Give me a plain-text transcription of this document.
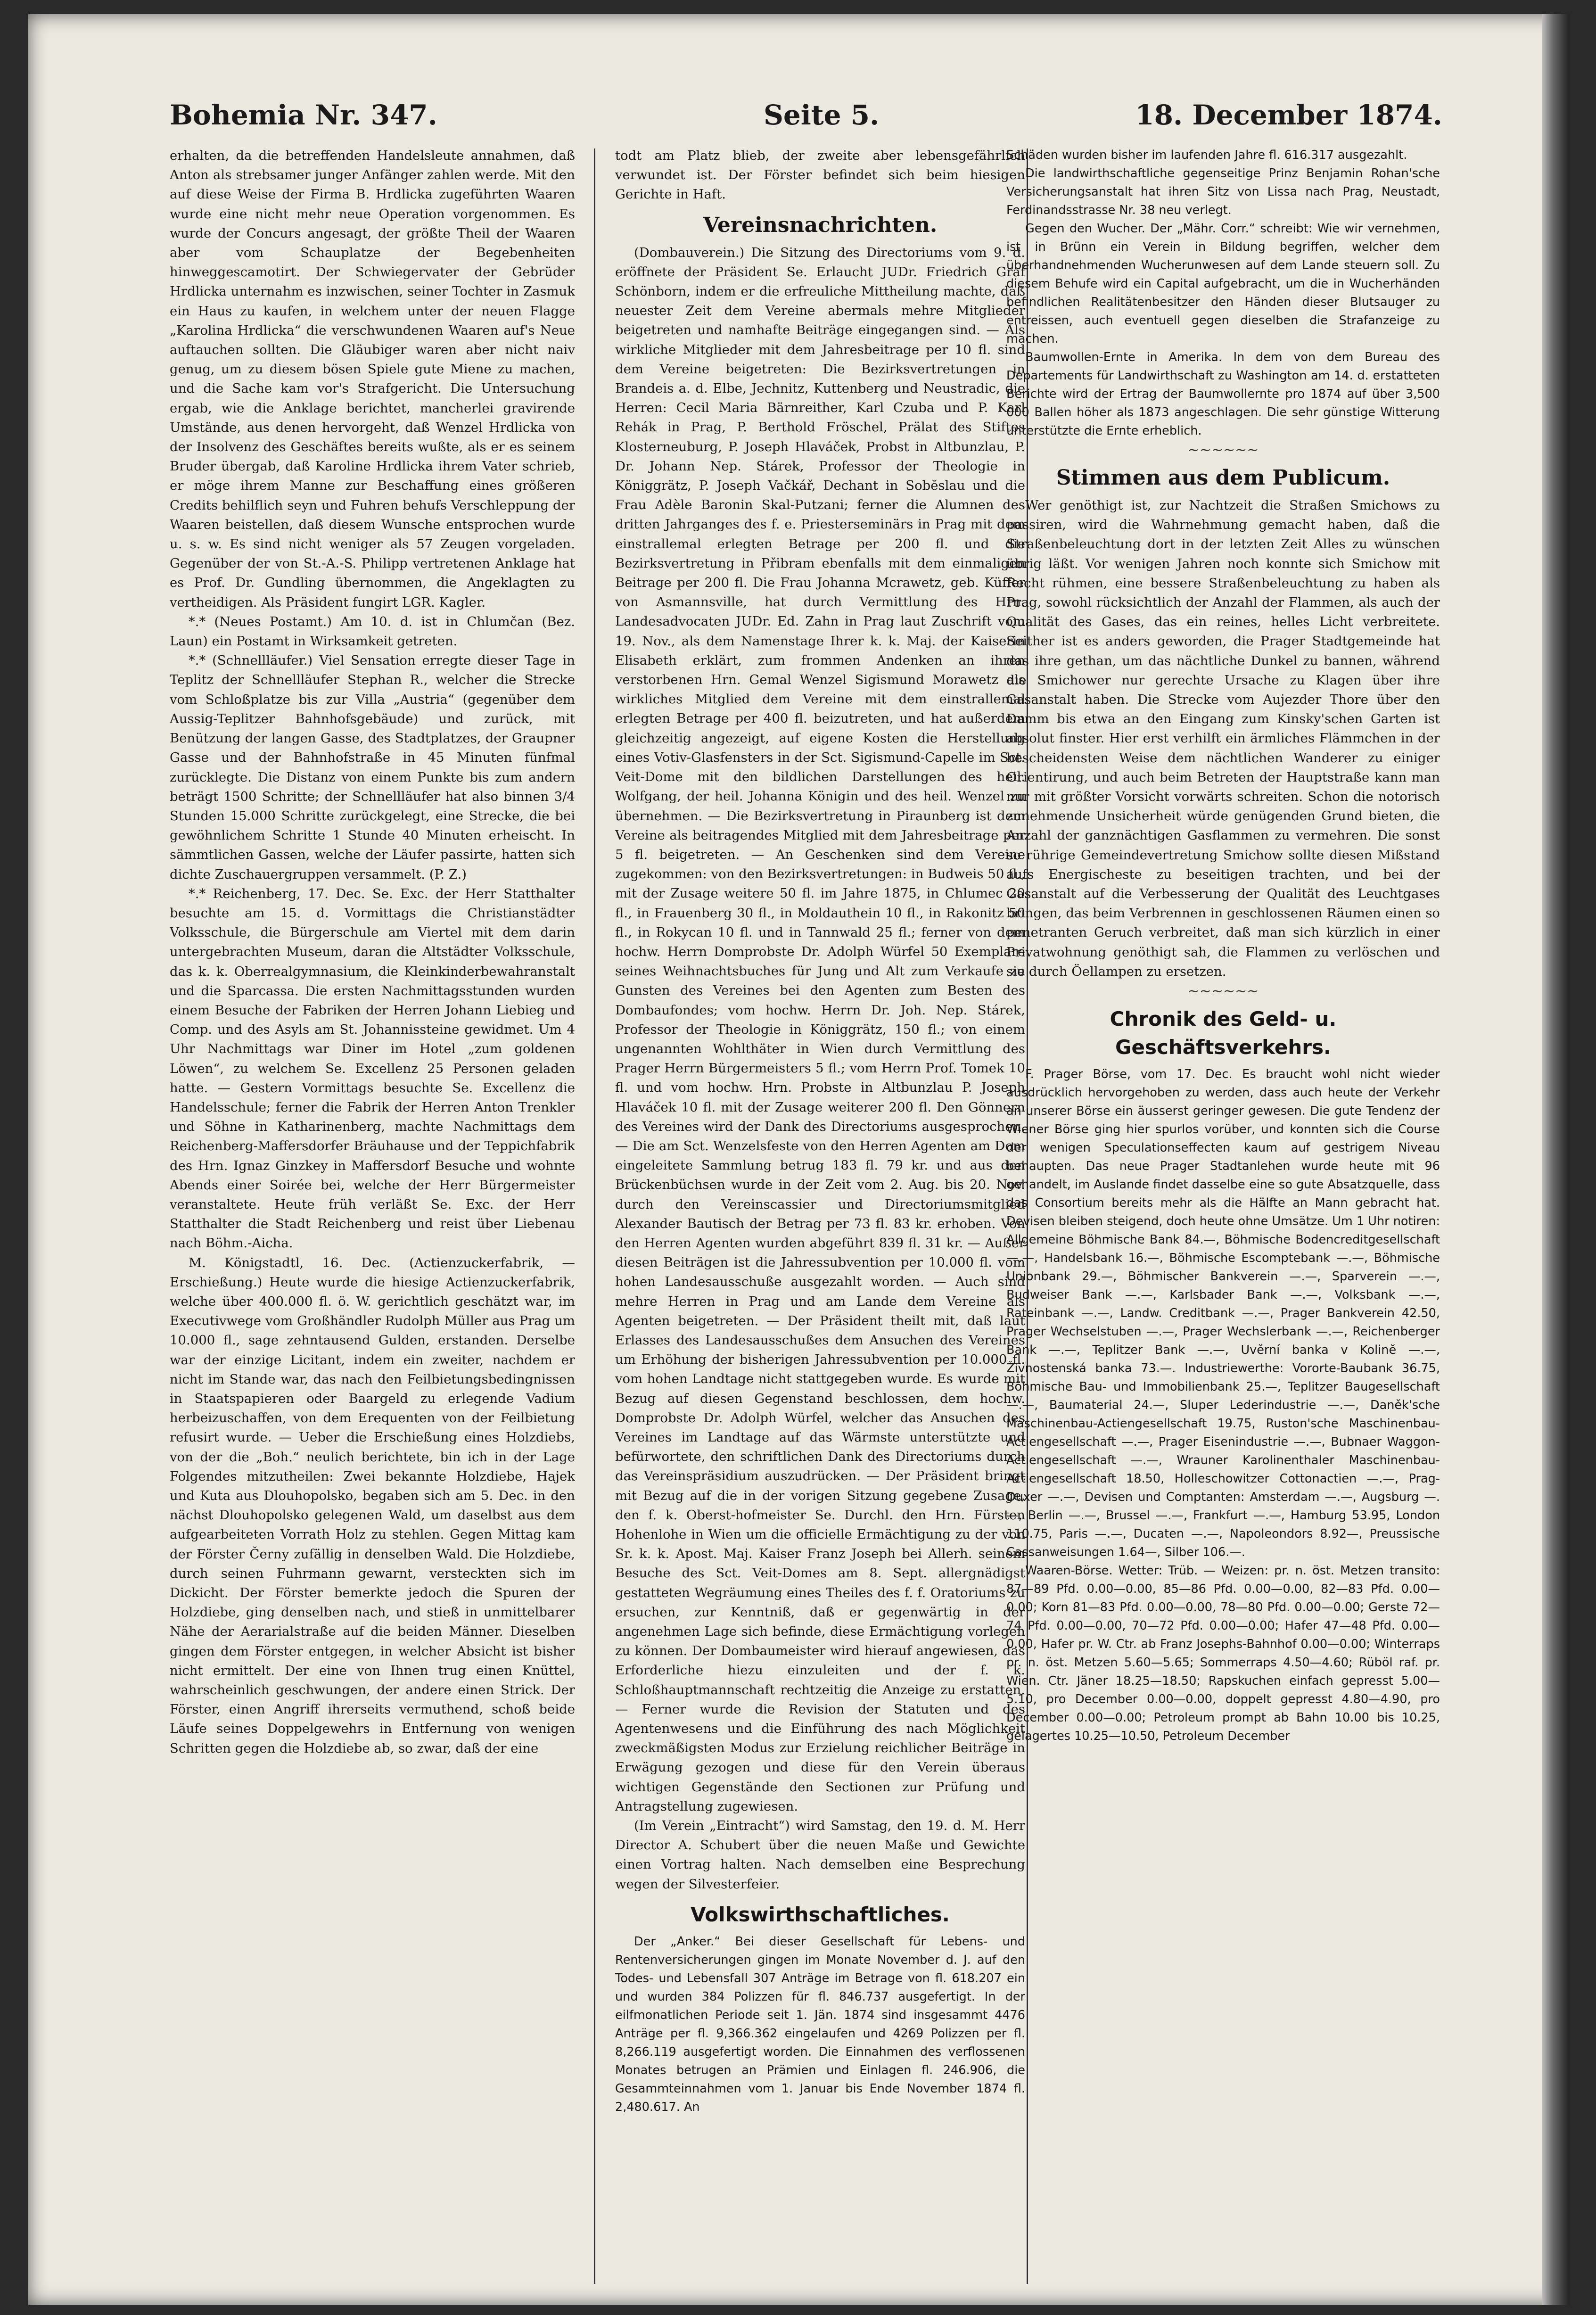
Bohemia Nr. 347.	Seite 5.	18. December 1874.

erhalten, da die betreffenden Handelsleute annahmen, daß Anton als strebsamer junger Anfänger zahlen werde. Mit den auf diese Weise der Firma B. Hrdlicka zugeführten Waaren wurde eine nicht mehr neue Operation vorgenommen. Es wurde der Concurs angesagt, der größte Theil der Waaren aber vom Schauplatze der Begebenheiten hinweggescamotirt. Der Schwiegervater der Gebrüder Hrdlicka unternahm es inzwischen, seiner Tochter in Zasmuk ein Haus zu kaufen, in welchem unter der neuen Flagge „Karolina Hrdlicka“ die verschwundenen Waaren auf's Neue auftauchen sollten. Die Gläubiger waren aber nicht naiv genug, um zu diesem bösen Spiele gute Miene zu machen, und die Sache kam vor's Strafgericht. Die Untersuchung ergab, wie die Anklage berichtet, mancherlei gravirende Umstände, aus denen hervorgeht, daß Wenzel Hrdlicka von der Insolvenz des Geschäftes bereits wußte, als er es seinem Bruder übergab, daß Karoline Hrdlicka ihrem Vater schrieb, er möge ihrem Manne zur Beschaffung eines größeren Credits behilflich seyn und Fuhren behufs Verschleppung der Waaren beistellen, daß diesem Wunsche entsprochen wurde u. s. w. Es sind nicht weniger als 57 Zeugen vorgeladen. Gegenüber der von St.-A.-S. Philipp vertretenen Anklage hat es Prof. Dr. Gundling übernommen, die Angeklagten zu vertheidigen. Als Präsident fungirt LGR. Kagler.

*.* (Neues Postamt.) Am 10. d. ist in Chlumčan (Bez. Laun) ein Postamt in Wirksamkeit getreten.

*.* (Schnellläufer.) Viel Sensation erregte dieser Tage in Teplitz der Schnellläufer Stephan R., welcher die Strecke vom Schloßplatze bis zur Villa „Austria“ (gegenüber dem Aussig-Teplitzer Bahnhofsgebäude) und zurück, mit Benützung der langen Gasse, des Stadtplatzes, der Graupner Gasse und der Bahnhofstraße in 45 Minuten fünfmal zurücklegte. Die Distanz von einem Punkte bis zum andern beträgt 1500 Schritte; der Schnellläufer hat also binnen 3/4 Stunden 15.000 Schritte zurückgelegt, eine Strecke, die bei gewöhnlichem Schritte 1 Stunde 40 Minuten erheischt. In sämmtlichen Gassen, welche der Läufer passirte, hatten sich dichte Zuschauergruppen versammelt. (P. Z.)

*.* Reichenberg, 17. Dec. Se. Exc. der Herr Statthalter besuchte am 15. d. Vormittags die Christianstädter Volksschule, die Bürgerschule am Viertel mit dem darin untergebrachten Museum, daran die Altstädter Volksschule, das k. k. Oberrealgymnasium, die Kleinkinderbewahranstalt und die Sparcassa. Die ersten Nachmittagsstunden wurden einem Besuche der Fabriken der Herren Johann Liebieg und Comp. und des Asyls am St. Johannissteine gewidmet. Um 4 Uhr Nachmittags war Diner im Hotel „zum goldenen Löwen“, zu welchem Se. Excellenz 25 Personen geladen hatte. — Gestern Vormittags besuchte Se. Excellenz die Handelsschule; ferner die Fabrik der Herren Anton Trenkler und Söhne in Katharinenberg, machte Nachmittags dem Reichenberg-Maffersdorfer Bräuhause und der Teppichfabrik des Hrn. Ignaz Ginzkey in Maffersdorf Besuche und wohnte Abends einer Soirée bei, welche der Herr Bürgermeister veranstaltete. Heute früh verläßt Se. Exc. der Herr Statthalter die Stadt Reichenberg und reist über Liebenau nach Böhm.-Aicha.

M. Königstadtl, 16. Dec. (Actienzuckerfabrik, — Erschießung.) Heute wurde die hiesige Actienzuckerfabrik, welche über 400.000 fl. ö. W. gerichtlich geschätzt war, im Executivwege vom Großhändler Rudolph Müller aus Prag um 10.000 fl., sage zehntausend Gulden, erstanden. Derselbe war der einzige Licitant, indem ein zweiter, nachdem er nicht im Stande war, das nach den Feilbietungsbedingnissen in Staatspapieren oder Baargeld zu erlegende Vadium herbeizuschaffen, von dem Erequenten von der Feilbietung refusirt wurde. — Ueber die Erschießung eines Holzdiebs, von der die „Boh.“ neulich berichtete, bin ich in der Lage Folgendes mitzutheilen: Zwei bekannte Holzdiebe, Hajek und Kuta aus Dlouhopolsko, begaben sich am 5. Dec. in den nächst Dlouhopolsko gelegenen Wald, um daselbst aus dem aufgearbeiteten Vorrath Holz zu stehlen. Gegen Mittag kam der Förster Černy zufällig in denselben Wald. Die Holzdiebe, durch seinen Fuhrmann gewarnt, versteckten sich im Dickicht. Der Förster bemerkte jedoch die Spuren der Holzdiebe, ging denselben nach, und stieß in unmittelbarer Nähe der Aerarialstraße auf die beiden Männer. Dieselben gingen dem Förster entgegen, in welcher Absicht ist bisher nicht ermittelt. Der eine von Ihnen trug einen Knüttel, wahrscheinlich geschwungen, der andere einen Strick. Der Förster, einen Angriff ihrerseits vermuthend, schoß beide Läufe seines Doppelgewehrs in Entfernung von wenigen Schritten gegen die Holzdiebe ab, so zwar, daß der eine

todt am Platz blieb, der zweite aber lebensgefährlich verwundet ist. Der Förster befindet sich beim hiesigen Gerichte in Haft.

Vereinsnachrichten.

(Dombauverein.) Die Sitzung des Directoriums vom 9. d. eröffnete der Präsident Se. Erlaucht JUDr. Friedrich Graf Schönborn, indem er die erfreuliche Mittheilung machte, daß neuester Zeit dem Vereine abermals mehre Mitglieder beigetreten und namhafte Beiträge eingegangen sind. — Als wirkliche Mitglieder mit dem Jahresbeitrage per 10 fl. sind dem Vereine beigetreten: Die Bezirksvertretungen in Brandeis a. d. Elbe, Jechnitz, Kuttenberg und Neustradic, die Herren: Cecil Maria Bärnreither, Karl Czuba und P. Karl Rehák in Prag, P. Berthold Fröschel, Prälat des Stiftes Klosterneuburg, P. Joseph Hlaváček, Probst in Altbunzlau, P. Dr. Johann Nep. Stárek, Professor der Theologie in Königgrätz, P. Joseph Vačkář, Dechant in Sobĕslau und die Frau Adèle Baronin Skal-Putzani; ferner die Alumnen des dritten Jahrganges des f. e. Priesterseminärs in Prag mit dem einstrallemal erlegten Betrage per 200 fl. und die Bezirksvertretung in Přibram ebenfalls mit dem einmaligen Beitrage per 200 fl. Die Frau Johanna Mcrawetz, geb. Küffer von Asmannsville, hat durch Vermittlung des Hrn. Landesadvocaten JUDr. Ed. Zahn in Prag laut Zuschrift vom 19. Nov., als dem Namenstage Ihrer k. k. Maj. der Kaiserin Elisabeth erklärt, zum frommen Andenken an ihren verstorbenen Hrn. Gemal Wenzel Sigismund Morawetz als wirkliches Mitglied dem Vereine mit dem einstrallemal erlegten Betrage per 400 fl. beizutreten, und hat außerdem gleichzeitig angezeigt, auf eigene Kosten die Herstellung eines Votiv-Glasfensters in der Sct. Sigismund-Capelle im Sct. Veit-Dome mit den bildlichen Darstellungen des heil. Wolfgang, der heil. Johanna Königin und des heil. Wenzel zu übernehmen. — Die Bezirksvertretung in Piraunberg ist dem Vereine als beitragendes Mitglied mit dem Jahresbeitrage per 5 fl. beigetreten. — An Geschenken sind dem Vereine zugekommen: von den Bezirksvertretungen: in Budweis 50 fl., mit der Zusage weitere 50 fl. im Jahre 1875, in Chlumec 20 fl., in Frauenberg 30 fl., in Moldauthein 10 fl., in Rakonitz 50 fl., in Rokycan 10 fl. und in Tannwald 25 fl.; ferner von dem hochw. Herrn Domprobste Dr. Adolph Würfel 50 Exemplare seines Weihnachtsbuches für Jung und Alt zum Verkaufe zu Gunsten des Vereines bei den Agenten zum Besten des Dombaufondes; vom hochw. Herrn Dr. Joh. Nep. Stárek, Professor der Theologie in Königgrätz, 150 fl.; von einem ungenannten Wohlthäter in Wien durch Vermittlung des Prager Herrn Bürgermeisters 5 fl.; vom Herrn Prof. Tomek 10 fl. und vom hochw. Hrn. Probste in Altbunzlau P. Joseph Hlaváček 10 fl. mit der Zusage weiterer 200 fl. Den Gönnern des Vereines wird der Dank des Directoriums ausgesprochen. — Die am Sct. Wenzelsfeste von den Herren Agenten am Dom eingeleitete Sammlung betrug 183 fl. 79 kr. und aus den Brückenbüchsen wurde in der Zeit vom 2. Aug. bis 20. Nov. durch den Vereinscassier und Directoriumsmitglied Alexander Bautisch der Betrag per 73 fl. 83 kr. erhoben. Von den Herren Agenten wurden abgeführt 839 fl. 31 kr. — Außer diesen Beiträgen ist die Jahressubvention per 10.000 fl. vom hohen Landesausschuße ausgezahlt worden. — Auch sind mehre Herren in Prag und am Lande dem Vereine als Agenten beigetreten. — Der Präsident theilt mit, daß laut Erlasses des Landesausschußes dem Ansuchen des Vereines um Erhöhung der bisherigen Jahressubvention per 10.000 fl. vom hohen Landtage nicht stattgegeben wurde. Es wurde mit Bezug auf diesen Gegenstand beschlossen, dem hochw. Domprobste Dr. Adolph Würfel, welcher das Ansuchen des Vereines im Landtage auf das Wärmste unterstützte und befürwortete, den schriftlichen Dank des Directoriums durch das Vereinspräsidium auszudrücken. — Der Präsident bringt mit Bezug auf die in der vorigen Sitzung gegebene Zusage, den f. k. Oberst-hofmeister Se. Durchl. den Hrn. Fürsten Hohenlohe in Wien um die officielle Ermächtigung zu der von Sr. k. k. Apost. Maj. Kaiser Franz Joseph bei Allerh. seinem Besuche des Sct. Veit-Domes am 8. Sept. allergnädigst gestatteten Wegräumung eines Theiles des f. f. Oratoriums zu ersuchen, zur Kenntniß, daß er gegenwärtig in der angenehmen Lage sich befinde, diese Ermächtigung vorlegen zu können. Der Dombaumeister wird hierauf angewiesen, das Erforderliche hiezu einzuleiten und der f. k. Schloßhauptmannschaft rechtzeitig die Anzeige zu erstatten. — Ferner wurde die Revision der Statuten und des Agentenwesens und die Einführung des nach Möglichkeit zweckmäßigsten Modus zur Erzielung reichlicher Beiträge in Erwägung gezogen und diese für den Verein überaus wichtigen Gegenstände den Sectionen zur Prüfung und Antragstellung zugewiesen.

(Im Verein „Eintracht“) wird Samstag, den 19. d. M. Herr Director A. Schubert über die neuen Maße und Gewichte einen Vortrag halten. Nach demselben eine Besprechung wegen der Silvesterfeier.

Volkswirthschaftliches.

Der „Anker.“ Bei dieser Gesellschaft für Lebens- und Rentenversicherungen gingen im Monate November d. J. auf den Todes- und Lebensfall 307 Anträge im Betrage von fl. 618.207 ein und wurden 384 Polizzen für fl. 846.737 ausgefertigt. In der eilfmonatlichen Periode seit 1. Jän. 1874 sind insgesammt 4476 Anträge per fl. 9,366.362 eingelaufen und 4269 Polizzen per fl. 8,266.119 ausgefertigt worden. Die Einnahmen des verflossenen Monates betrugen an Prämien und Einlagen fl. 246.906, die Gesammteinnahmen vom 1. Januar bis Ende November 1874 fl. 2,480.617. An

Schäden wurden bisher im laufenden Jahre fl. 616.317 ausgezahlt.

Die landwirthschaftliche gegenseitige Prinz Benjamin Rohan'sche Versicherungsanstalt hat ihren Sitz von Lissa nach Prag, Neustadt, Ferdinandsstrasse Nr. 38 neu verlegt.

Gegen den Wucher. Der „Mähr. Corr.“ schreibt: Wie wir vernehmen, ist in Brünn ein Verein in Bildung begriffen, welcher dem überhandnehmenden Wucherunwesen auf dem Lande steuern soll. Zu diesem Behufe wird ein Capital aufgebracht, um die in Wucherhänden befindlichen Realitätenbesitzer den Händen dieser Blutsauger zu entreissen, auch eventuell gegen dieselben die Strafanzeige zu machen.

Baumwollen-Ernte in Amerika. In dem von dem Bureau des Departements für Landwirthschaft zu Washington am 14. d. erstatteten Berichte wird der Ertrag der Baumwollernte pro 1874 auf über 3,500 000 Ballen höher als 1873 angeschlagen. Die sehr günstige Witterung unterstützte die Ernte erheblich.

~~~~~~
Stimmen aus dem Publicum.

Wer genöthigt ist, zur Nachtzeit die Straßen Smichows zu passiren, wird die Wahrnehmung gemacht haben, daß die Straßenbeleuchtung dort in der letzten Zeit Alles zu wünschen übrig läßt. Vor wenigen Jahren noch konnte sich Smichow mit Recht rühmen, eine bessere Straßenbeleuchtung zu haben als Prag, sowohl rücksichtlich der Anzahl der Flammen, als auch der Qualität des Gases, das ein reines, helles Licht verbreitete. Seither ist es anders geworden, die Prager Stadtgemeinde hat das ihre gethan, um das nächtliche Dunkel zu bannen, während die Smichower nur gerechte Ursache zu Klagen über ihre Gasanstalt haben. Die Strecke vom Aujezder Thore über den Damm bis etwa an den Eingang zum Kinsky'schen Garten ist absolut finster. Hier erst verhilft ein ärmliches Flämmchen in der bescheidensten Weise dem nächtlichen Wanderer zu einiger Orientirung, und auch beim Betreten der Hauptstraße kann man nur mit größter Vorsicht vorwärts schreiten. Schon die notorisch zunehmende Unsicherheit würde genügenden Grund bieten, die Anzahl der ganznächtigen Gasflammen zu vermehren. Die sonst so rührige Gemeindevertretung Smichow sollte diesen Mißstand aufs Energischeste zu beseitigen trachten, und bei der Gasanstalt auf die Verbesserung der Qualität des Leuchtgases bringen, das beim Verbrennen in geschlossenen Räumen einen so penetranten Geruch verbreitet, daß man sich kürzlich in einer Privatwohnung genöthigt sah, die Flammen zu verlöschen und sie durch Öellampen zu ersetzen.

~~~~~~
Chronik des Geld- u. Geschäftsverkehrs.

F. Prager Börse, vom 17. Dec. Es braucht wohl nicht wieder ausdrücklich hervorgehoben zu werden, dass auch heute der Verkehr an unserer Börse ein äusserst geringer gewesen. Die gute Tendenz der Wiener Börse ging hier spurlos vorüber, und konnten sich die Course der wenigen Speculationseffecten kaum auf gestrigem Niveau behaupten. Das neue Prager Stadtanlehen wurde heute mit 96 gehandelt, im Auslande findet dasselbe eine so gute Absatzquelle, dass das Consortium bereits mehr als die Hälfte an Mann gebracht hat. Devisen bleiben steigend, doch heute ohne Umsätze. Um 1 Uhr notiren: Allgemeine Böhmische Bank 84.—, Böhmische Bodencreditgesellschaft —.—, Handelsbank 16.—, Böhmische Escomptebank —.—, Böhmische Unionbank 29.—, Böhmischer Bankverein —.—, Sparverein —.—, Budweiser Bank —.—, Karlsbader Bank —.—, Volksbank —.—, Rateinbank —.—, Landw. Creditbank —.—, Prager Bankverein 42.50, Prager Wechselstuben —.—, Prager Wechslerbank —.—, Reichenberger Bank —.—, Teplitzer Bank —.—, Uvěrní banka v Kolinĕ —.—, Živnostenská banka 73.—. Industriewerthe: Vororte-Baubank 36.75, Böhmische Bau- und Immobilienbank 25.—, Teplitzer Baugesellschaft —.—, Baumaterial 24.—, Sluper Lederindustrie —.—, Daněk'sche Maschinenbau-Actiengesellschaft 19.75, Ruston'sche Maschinenbau-Actiengesellschaft —.—, Prager Eisenindustrie —.—, Bubnaer Waggon-Actiengesellschaft —.—, Wrauner Karolinenthaler Maschinenbau-Actiengesellschaft 18.50, Holleschowitzer Cottonactien —.—, Prag-Duxer —.—, Devisen und Comptanten: Amsterdam —.—, Augsburg —.—, Berlin —.—, Brussel —.—, Frankfurt —.—, Hamburg 53.95, London 110.75, Paris —.—, Ducaten —.—, Napoleondors 8.92—, Preussische Cassanweisungen 1.64—, Silber 106.—.

Waaren-Börse. Wetter: Trüb. — Weizen: pr. n. öst. Metzen transito: 87—89 Pfd. 0.00—0.00, 85—86 Pfd. 0.00—0.00, 82—83 Pfd. 0.00—0.00; Korn 81—83 Pfd. 0.00—0.00, 78—80 Pfd. 0.00—0.00; Gerste 72—74 Pfd. 0.00—0.00, 70—72 Pfd. 0.00—0.00; Hafer 47—48 Pfd. 0.00—0.00, Hafer pr. W. Ctr. ab Franz Josephs-Bahnhof 0.00—0.00; Winterraps pr. n. öst. Metzen 5.60—5.65; Sommerraps 4.50—4.60; Rüböl raf. pr. Wien. Ctr. Jäner 18.25—18.50; Rapskuchen einfach gepresst 5.00—5.10, pro December 0.00—0.00, doppelt gepresst 4.80—4.90, pro December 0.00—0.00; Petroleum prompt ab Bahn 10.00 bis 10.25, gelagertes 10.25—10.50, Petroleum December
